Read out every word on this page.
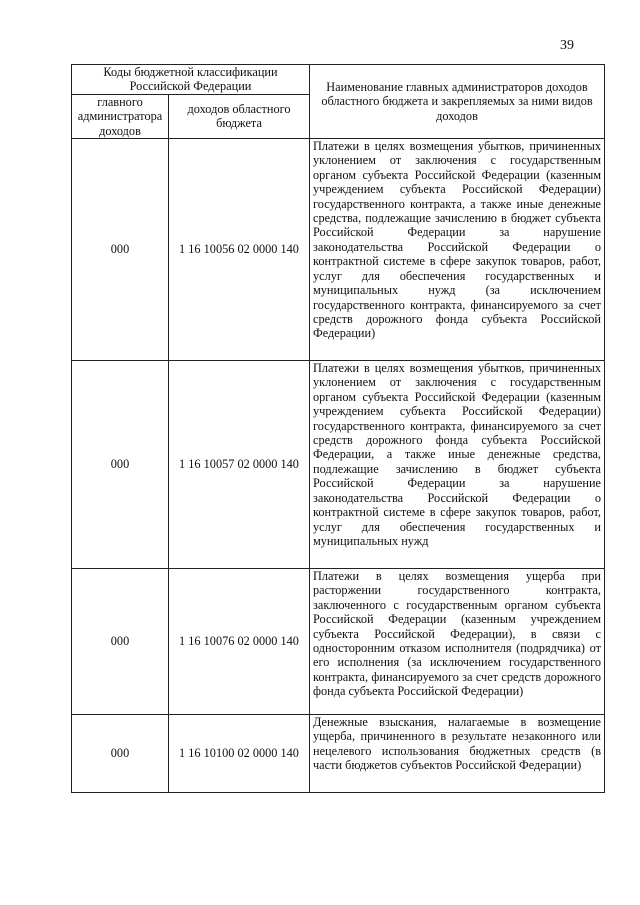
39
Коды бюджетной классификации Российской Федерации		Наименование главных администраторов доходов областного бюджета и закрепляемых за ними видов доходов
главного администратора доходов	доходов областного бюджета	
000	1 16 10056 02 0000 140	Платежи в целях возмещения убытков, причиненных уклонением от заключения с государственным органом субъекта Российской Федерации (казенным учреждением субъекта Российской Федерации) государственного контракта, а также иные денежные средства, подлежащие зачислению в бюджет субъекта Российской Федерации за нарушение законодательства Российской Федерации о контрактной системе в сфере закупок товаров, работ, услуг для обеспечения государственных и муниципальных нужд (за исключением государственного контракта, финансируемого за счет средств дорожного фонда субъекта Российской Федерации)

000	1 16 10057 02 0000 140	Платежи в целях возмещения убытков, причиненных уклонением от заключения с государственным органом субъекта Российской Федерации (казенным учреждением субъекта Российской Федерации) государственного контракта, финансируемого за счет средств дорожного фонда субъекта Российской Федерации, а также иные денежные средства, подлежащие зачислению в бюджет субъекта Российской Федерации за нарушение законодательства Российской Федерации о контрактной системе в сфере закупок товаров, работ, услуг для обеспечения государственных и муниципальных нужд

000	1 16 10076 02 0000 140	Платежи в целях возмещения ущерба при расторжении государственного контракта, заключенного с государственным органом субъекта Российской Федерации (казенным учреждением субъекта Российской Федерации), в связи с односторонним отказом исполнителя (подрядчика) от его исполнения (за исключением государственного контракта, финансируемого за счет средств дорожного фонда субъекта Российской Федерации)

000	1 16 10100 02 0000 140	Денежные взыскания, налагаемые в возмещение ущерба, причиненного в результате незаконного или нецелевого использования бюджетных средств (в части бюджетов субъектов Российской Федерации)
